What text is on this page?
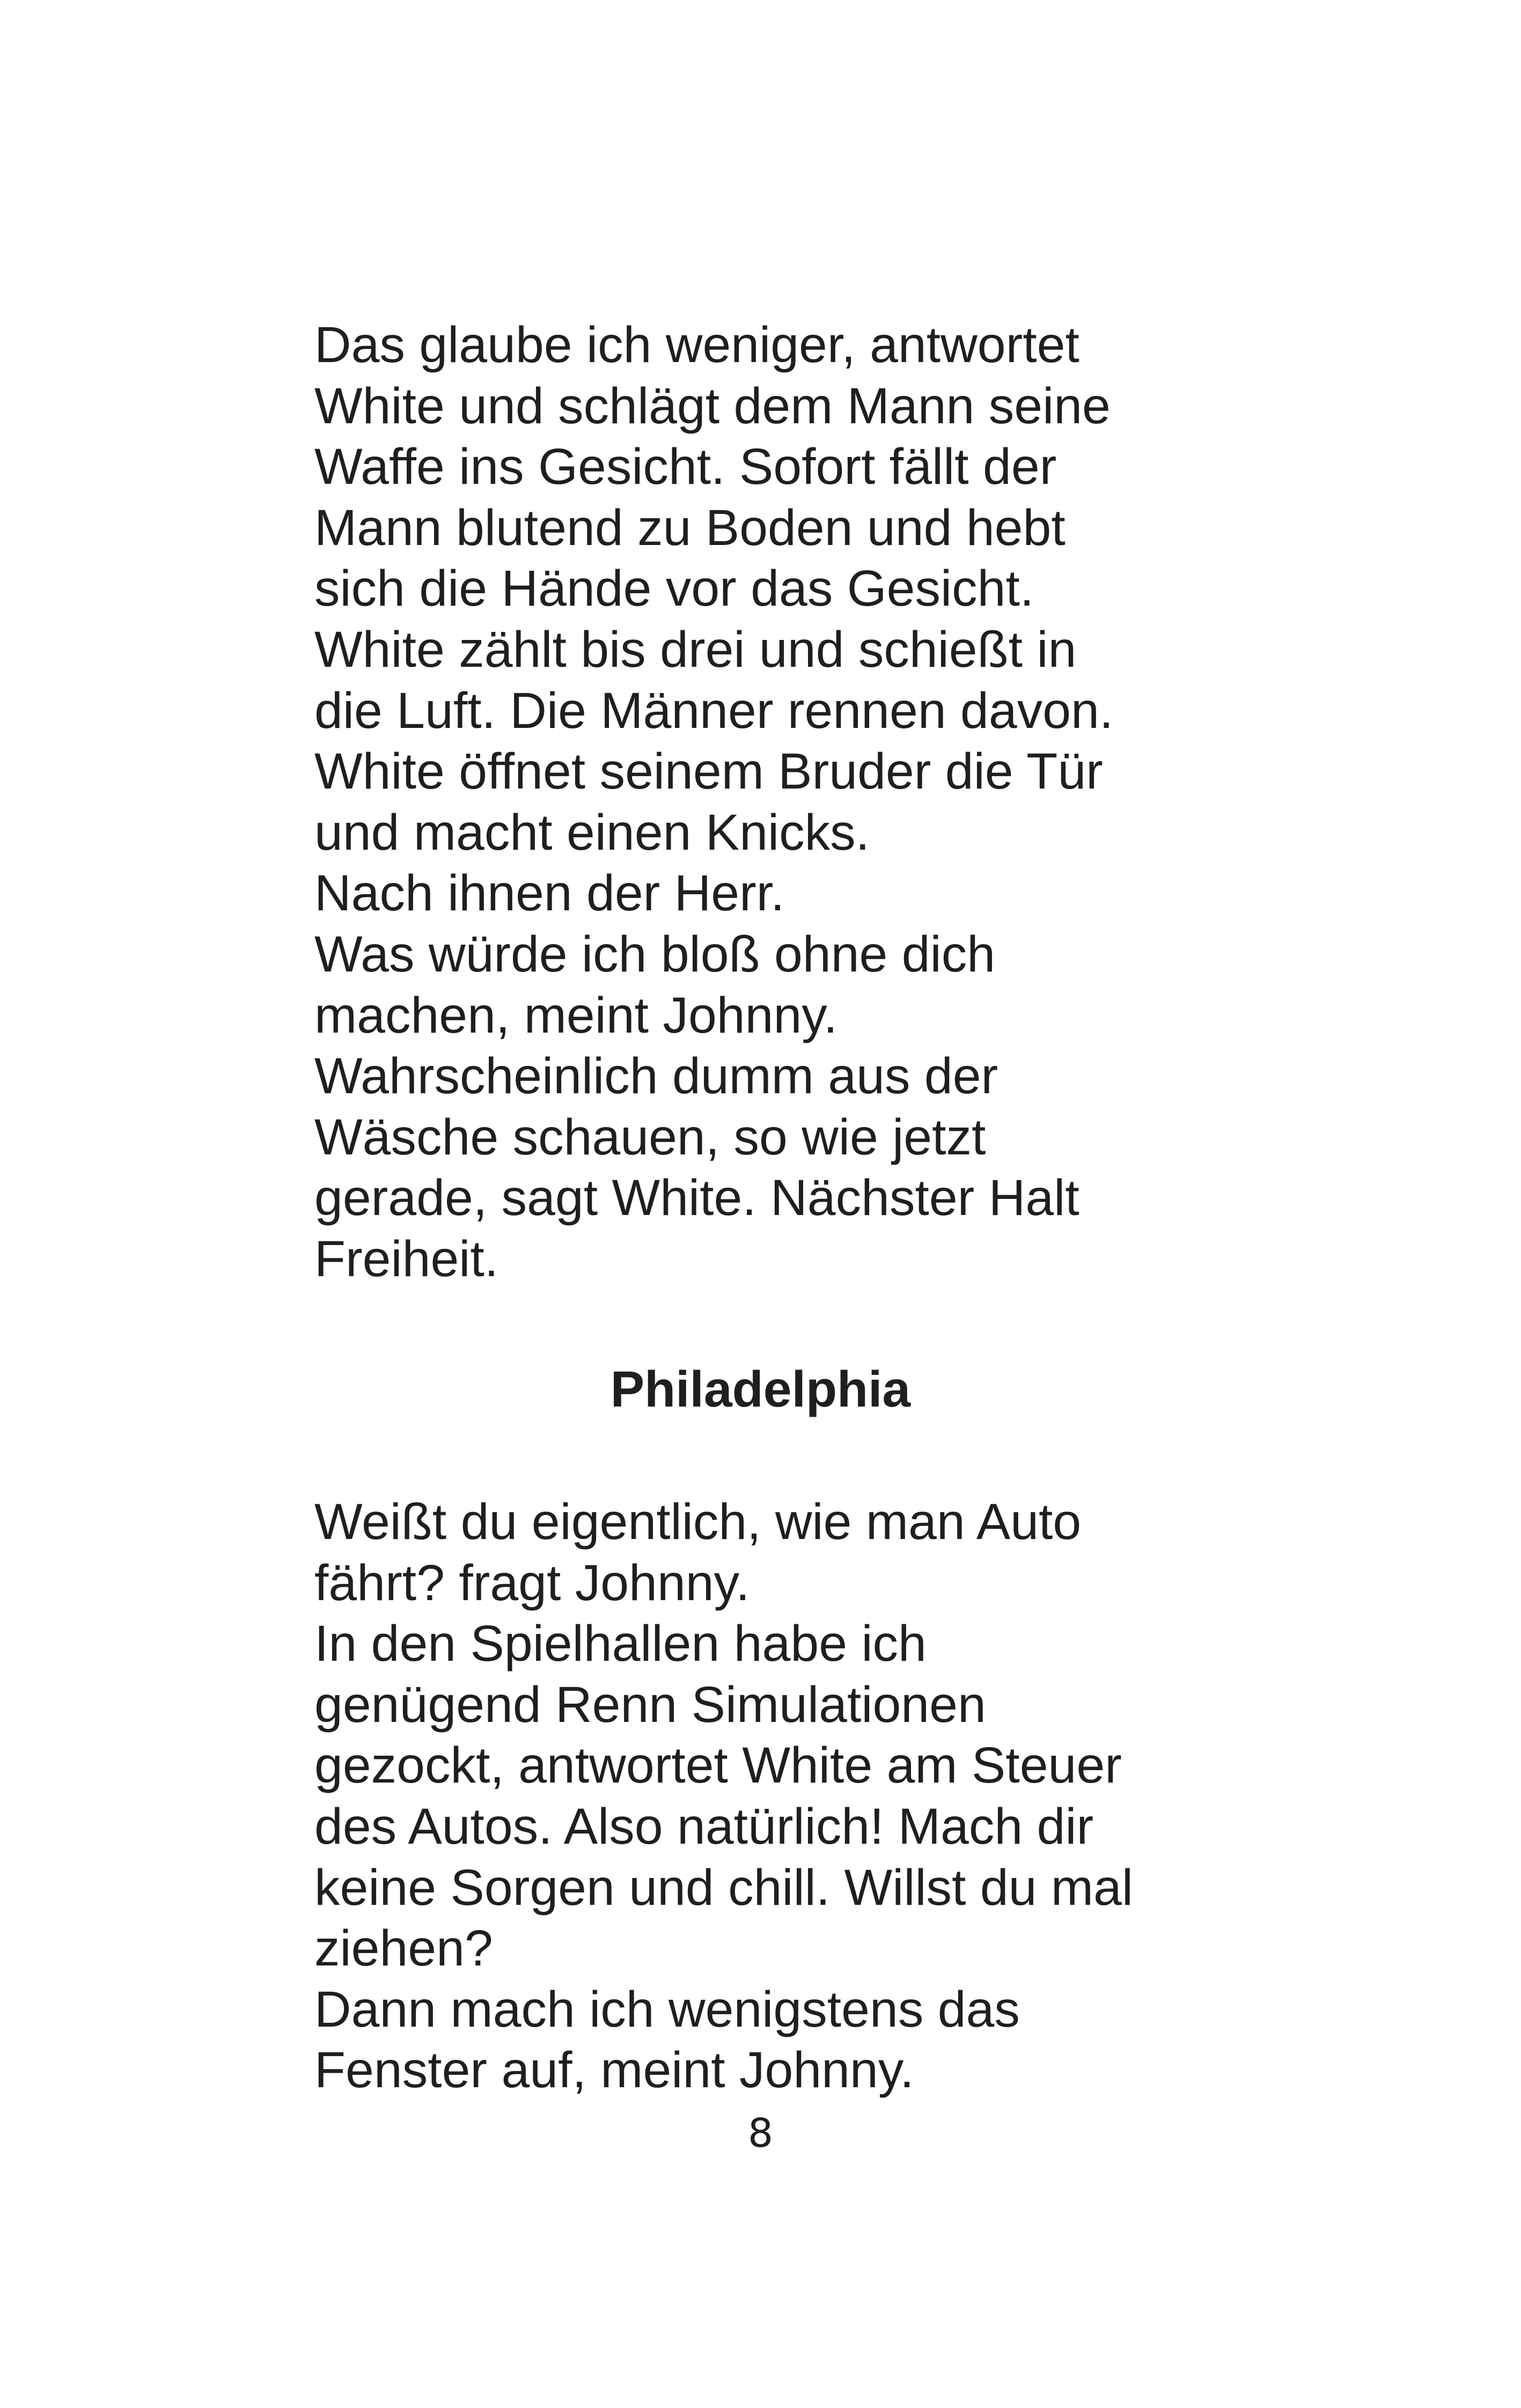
Das glaube ich weniger, antwortet
White und schlägt dem Mann seine
Waffe ins Gesicht. Sofort fällt der
Mann blutend zu Boden und hebt
sich die Hände vor das Gesicht.
White zählt bis drei und schießt in
die Luft. Die Männer rennen davon.
White öffnet seinem Bruder die Tür
und macht einen Knicks.
Nach ihnen der Herr.
Was würde ich bloß ohne dich
machen, meint Johnny.
Wahrscheinlich dumm aus der
Wäsche schauen, so wie jetzt
gerade, sagt White. Nächster Halt
Freiheit.
Philadelphia
Weißt du eigentlich, wie man Auto
fährt? fragt Johnny.
In den Spielhallen habe ich
genügend Renn Simulationen
gezockt, antwortet White am Steuer
des Autos. Also natürlich! Mach dir
keine Sorgen und chill. Willst du mal
ziehen?
Dann mach ich wenigstens das
Fenster auf, meint Johnny.
8
